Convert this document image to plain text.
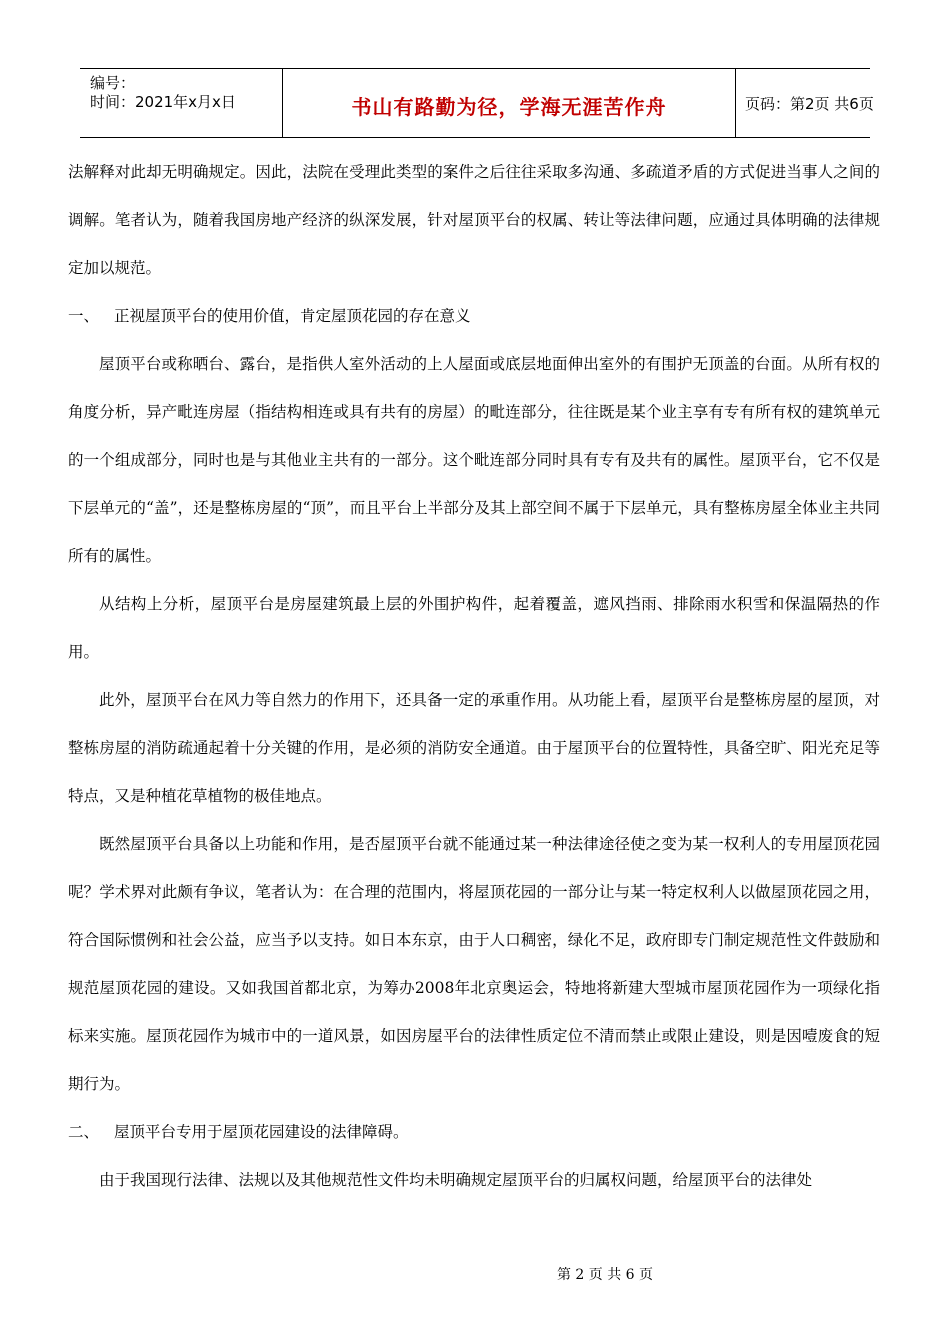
编号：
时间：2021年x月x日	书山有路勤为径，学海无涯苦作舟	页码：第2页 共6页

法解释对此却无明确规定。因此，法院在受理此类型的案件之后往往采取多沟通、多疏道矛盾的方式促进当事人之间的调解。笔者认为，随着我国房地产经济的纵深发展，针对屋顶平台的权属、转让等法律问题，应通过具体明确的法律规定加以规范。

一、 正视屋顶平台的使用价值，肯定屋顶花园的存在意义

屋顶平台或称晒台、露台，是指供人室外活动的上人屋面或底层地面伸出室外的有围护无顶盖的台面。从所有权的角度分析，异产毗连房屋（指结构相连或具有共有的房屋）的毗连部分，往往既是某个业主享有专有所有权的建筑单元的一个组成部分，同时也是与其他业主共有的一部分。这个毗连部分同时具有专有及共有的属性。屋顶平台，它不仅是下层单元的“盖”，还是整栋房屋的“顶”，而且平台上半部分及其上部空间不属于下层单元，具有整栋房屋全体业主共同所有的属性。

从结构上分析，屋顶平台是房屋建筑最上层的外围护构件，起着覆盖，遮风挡雨、排除雨水积雪和保温隔热的作用。

此外，屋顶平台在风力等自然力的作用下，还具备一定的承重作用。从功能上看，屋顶平台是整栋房屋的屋顶，对整栋房屋的消防疏通起着十分关键的作用，是必须的消防安全通道。由于屋顶平台的位置特性，具备空旷、阳光充足等特点，又是种植花草植物的极佳地点。

既然屋顶平台具备以上功能和作用，是否屋顶平台就不能通过某一种法律途径使之变为某一权利人的专用屋顶花园呢？学术界对此颇有争议，笔者认为：在合理的范围内，将屋顶花园的一部分让与某一特定权利人以做屋顶花园之用，符合国际惯例和社会公益，应当予以支持。如日本东京，由于人口稠密，绿化不足，政府即专门制定规范性文件鼓励和规范屋顶花园的建设。又如我国首都北京，为筹办2008年北京奥运会，特地将新建大型城市屋顶花园作为一项绿化指标来实施。屋顶花园作为城市中的一道风景，如因房屋平台的法律性质定位不清而禁止或限止建设，则是因噎废食的短期行为。

二、 屋顶平台专用于屋顶花园建设的法律障碍。

由于我国现行法律、法规以及其他规范性文件均未明确规定屋顶平台的归属权问题，给屋顶平台的法律处

第 2 页 共 6 页
